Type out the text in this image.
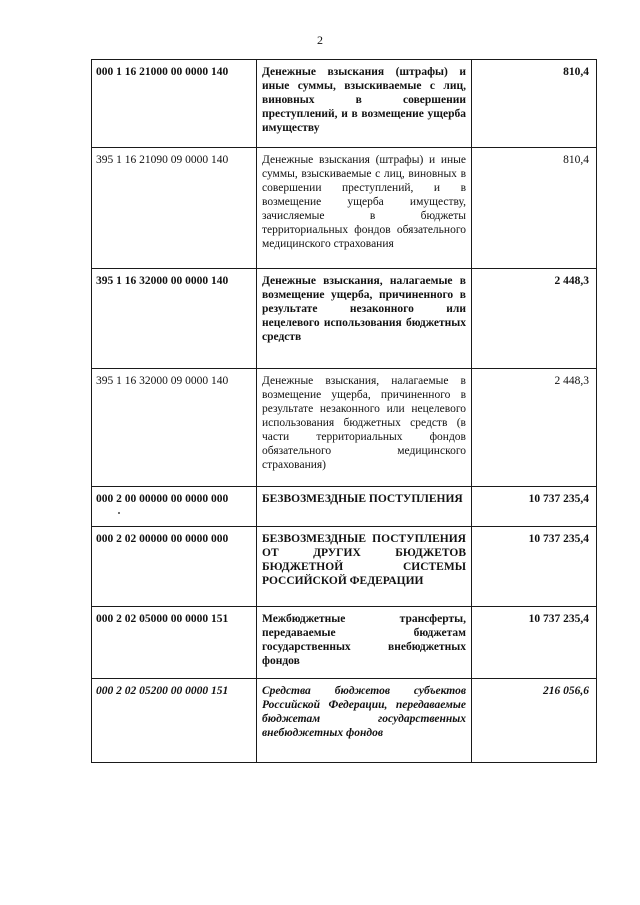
2
000 1 16 21000 00 0000 140	Денежные взыскания (штрафы) и иные суммы, взыскиваемые с лиц, виновных в совершении преступлений, и в возмещение ущерба имуществу	810,4
395 1 16 21090 09 0000 140	Денежные взыскания (штрафы) и иные суммы, взыскиваемые с лиц, виновных в совершении преступлений, и в возмещение ущерба имуществу, зачисляемые в бюджеты территориальных фондов обязательного медицинского страхования	810,4
395 1 16 32000 00 0000 140	Денежные взыскания, налагаемые в возмещение ущерба, причиненного в результате незаконного или нецелевого использования бюджетных средств	2 448,3
395 1 16 32000 09 0000 140	Денежные взыскания, налагаемые в возмещение ущерба, причиненного в результате незаконного или нецелевого использования бюджетных средств (в части территориальных фондов обязательного медицинского страхования)	2 448,3
000 2 00 00000 00 0000 000	БЕЗВОЗМЕЗДНЫЕ ПОСТУПЛЕНИЯ	10 737 235,4
000 2 02 00000 00 0000 000	БЕЗВОЗМЕЗДНЫЕ ПОСТУПЛЕНИЯ ОТ ДРУГИХ БЮДЖЕТОВ БЮДЖЕТНОЙ СИСТЕМЫ РОССИЙСКОЙ ФЕДЕРАЦИИ	10 737 235,4
000 2 02 05000 00 0000 151	Межбюджетные трансферты, передаваемые бюджетам государственных внебюджетных фондов	10 737 235,4
000 2 02 05200 00 0000 151	Средства бюджетов субъектов Российской Федерации, передаваемые бюджетам государственных внебюджетных фондов	216 056,6
